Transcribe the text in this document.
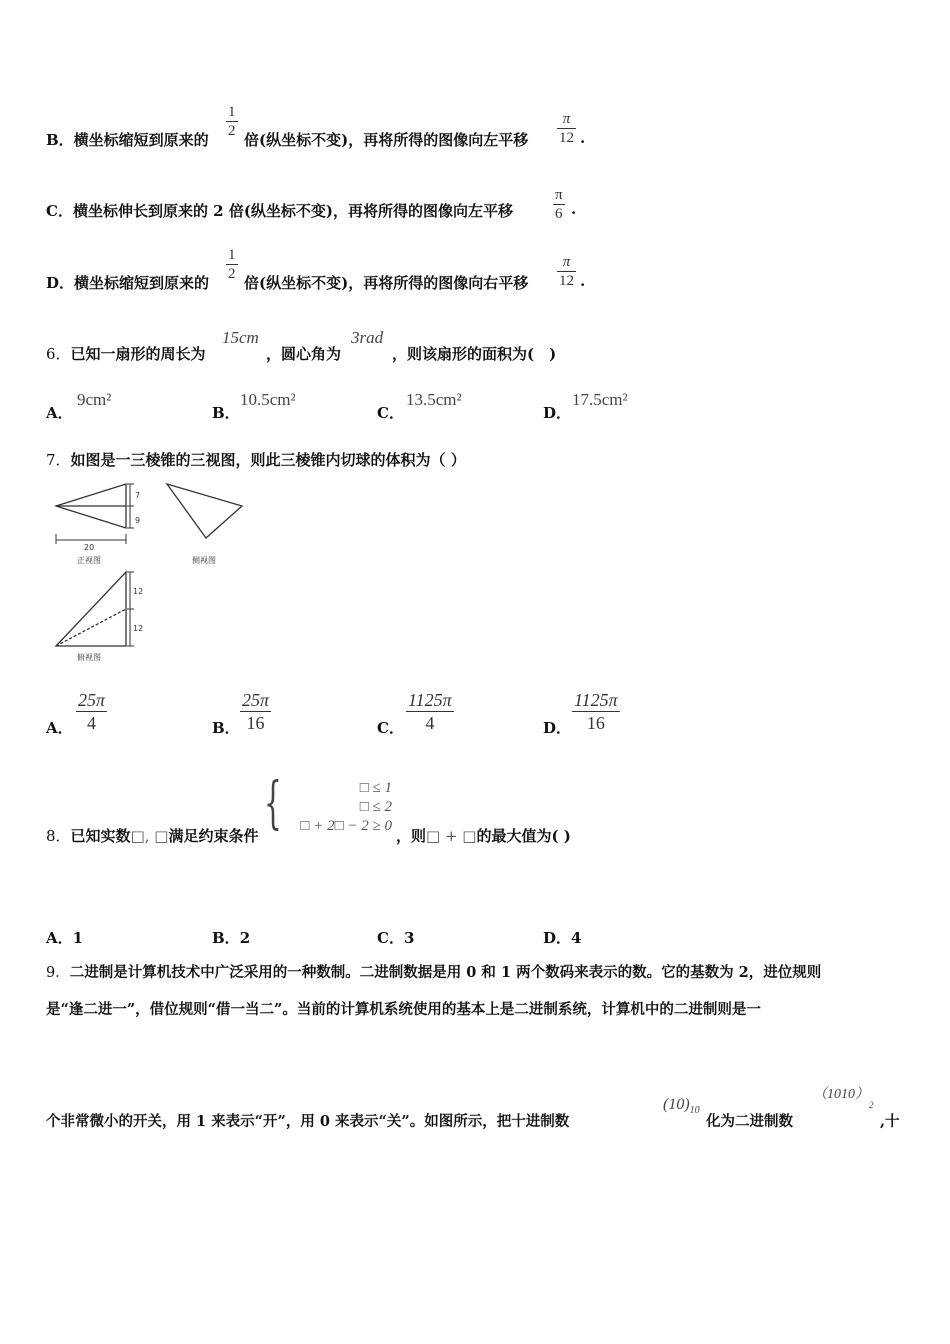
B．横坐标缩短到原来的
1
2 倍(纵坐标不变)，再将所得的图像向左平移
π
12 .
C．横坐标伸长到原来的 2 倍(纵坐标不变)，再将所得的图像向左平移
π
6 .
D．横坐标缩短到原来的
1
2 倍(纵坐标不变)，再将所得的图像向右平移
π
12 .
6．已知一扇形的周长为
15cm
，圆心角为
3rad
，则该扇形的面积为(　)
A．
9cm²
B．
10.5cm²
C．
13.5cm²
D．
17.5cm²
7．如图是一三棱锥的三视图，则此三棱锥内切球的体积为（ ）
7
9
20
正视图	侧视图
12
12
俯视图
A．
25π
4	B．
25π
16	C．
1125π
4	D．
1125π
16
8．已知实数□, □满足约束条件 {	□ ≤ 1
□ ≤ 2
□ + 2□ − 2 ≥ 0
，则□ + □的最大值为( )
A．1	B．2	C．3	D．4
9．二进制是计算机技术中广泛采用的一种数制。二进制数据是用 0 和 1 两个数码来表示的数。它的基数为 2，进位规则
是“逢二进一”，借位规则“借一当二”。当前的计算机系统使用的基本上是二进制系统，计算机中的二进制则是一
个非常微小的开关，用 1 来表示“开”，用 0 来表示“关”。如图所示，把十进制数
$(10)_{10}$
化为二进制数
$(1010)_2$
,十
